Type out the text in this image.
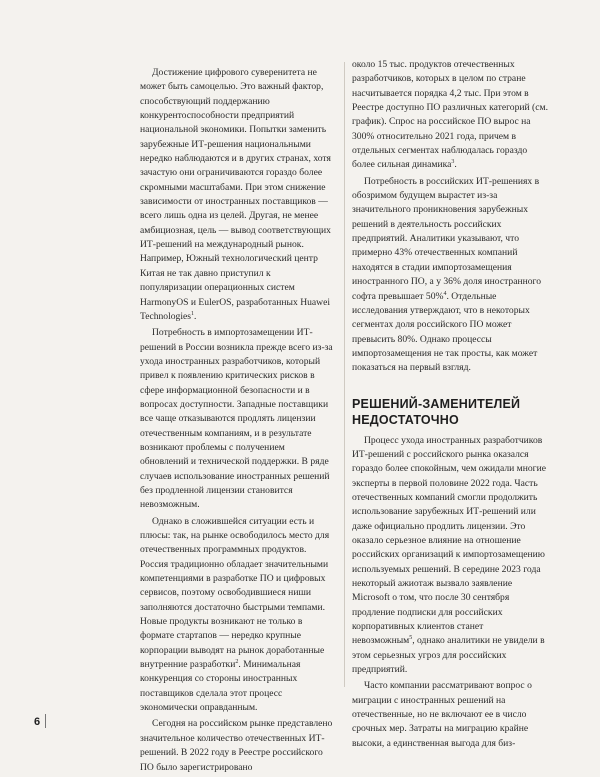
Достижение цифрового суверенитета не может быть самоцелью. Это важный фактор, способствующий поддержанию конкурентоспособности предприятий национальной экономики. Попытки заменить зарубежные ИТ-решения национальными нередко наблюдаются и в других странах, хотя зачастую они ограничиваются гораздо более скромными масштабами. При этом снижение зависимости от иностранных поставщиков — всего лишь одна из целей. Другая, не менее амбициозная, цель — вывод соответствующих ИТ-решений на международный рынок. Например, Южный технологический центр Китая не так давно приступил к популяризации операционных систем HarmonyOS и EulerOS, разработанных Huawei Technologies$^1$.

Потребность в импортозамещении ИТ-решений в России возникла прежде всего из-за ухода иностранных разработчиков, который привел к появлению критических рисков в сфере информационной безопасности и в вопросах доступности. Западные поставщики все чаще отказываются продлять лицензии отечественным компаниям, и в результате возникают проблемы с получением обновлений и технической поддержки. В ряде случаев использование иностранных решений без продленной лицензии становится невозможным.

Однако в сложившейся ситуации есть и плюсы: так, на рынке освободилось место для отечественных программных продуктов. Россия традиционно обладает значительными компетенциями в разработке ПО и цифровых сервисов, поэтому освободившиеся ниши заполняются достаточно быстрыми темпами. Новые продукты возникают не только в формате стартапов — нередко крупные корпорации выводят на рынок доработанные внутренние разработки$^2$. Минимальная конкуренция со стороны иностранных поставщиков сделала этот процесс экономически оправданным.

Сегодня на российском рынке представлено значительное количество отечественных ИТ-решений. В 2022 году в Реестре российского ПО было зарегистрировано

около 15 тыс. продуктов отечественных разработчиков, которых в целом по стране насчитывается порядка 4,2 тыс. При этом в Реестре доступно ПО различных категорий (см. график). Спрос на российское ПО вырос на 300% относительно 2021 года, причем в отдельных сегментах наблюдалась гораздо более сильная динамика$^3$.

Потребность в российских ИТ-решениях в обозримом будущем вырастет из-за значительного проникновения зарубежных решений в деятельность российских предприятий. Аналитики указывают, что примерно 43% отечественных компаний находятся в стадии импортозамещения иностранного ПО, а у 36% доля иностранного софта превышает 50%$^4$. Отдельные исследования утверждают, что в некоторых сегментах доля российского ПО может превысить 80%. Однако процессы импортозамещения не так просты, как может показаться на первый взгляд.

РЕШЕНИЙ-ЗАМЕНИТЕЛЕЙ
НЕДОСТАТОЧНО

Процесс ухода иностранных разработчиков ИТ-решений с российского рынка оказался гораздо более спокойным, чем ожидали многие эксперты в первой половине 2022 года. Часть отечественных компаний смогли продолжить использование зарубежных ИТ-решений или даже официально продлить лицензии. Это оказало серьезное влияние на отношение российских организаций к импортозамещению используемых решений. В середине 2023 года некоторый ажиотаж вызвало заявление Microsoft о том, что после 30 сентября продление подписки для российских корпоративных клиентов станет невозможным$^5$, однако аналитики не увидели в этом серьезных угроз для российских предприятий.

Часто компании рассматривают вопрос о миграции с иностранных решений на отечественные, но не включают ее в число срочных мер. Затраты на миграцию крайне высоки, а единственная выгода для биз-

6
